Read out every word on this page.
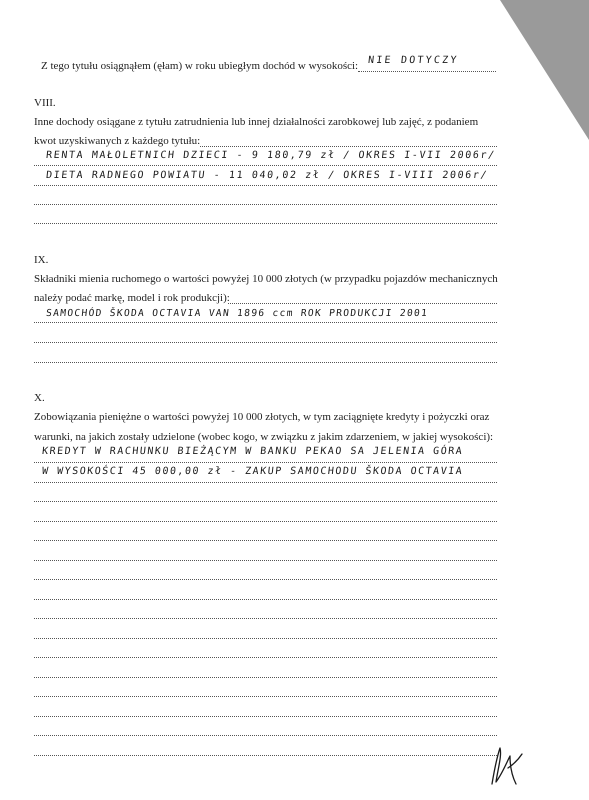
Z tego tytułu osiągnąłem (ęłam) w roku ubiegłym dochód w wysokości: NIE DOTYCZY
VIII.
Inne dochody osiągane z tytułu zatrudnienia lub innej działalności zarobkowej lub zajęć, z podaniem
kwot uzyskiwanych z każdego tytułu:
RENTA MAŁOLETNICH DZIECI - 9 180,79 zł / OKRES I-VII 2006r/
DIETA RADNEGO POWIATU - 11 040,02 zł / OKRES I-VIII 2006r/
IX.
Składniki mienia ruchomego o wartości powyżej 10 000 złotych (w przypadku pojazdów mechanicznych
należy podać markę, model i rok produkcji):
SAMOCHÓD ŠKODA OCTAVIA VAN 1896 ccm ROK PRODUKCJI 2001
X.
Zobowiązania pieniężne o wartości powyżej 10 000 złotych, w tym zaciągnięte kredyty i pożyczki oraz
warunki, na jakich zostały udzielone (wobec kogo, w związku z jakim zdarzeniem, w jakiej wysokości):
KREDYT W RACHUNKU BIEŻĄCYM W BANKU PEKAO SA JELENIA GÓRA
W WYSOKOŚCI 45 000,00 zł - ZAKUP SAMOCHODU ŠKODA OCTAVIA
